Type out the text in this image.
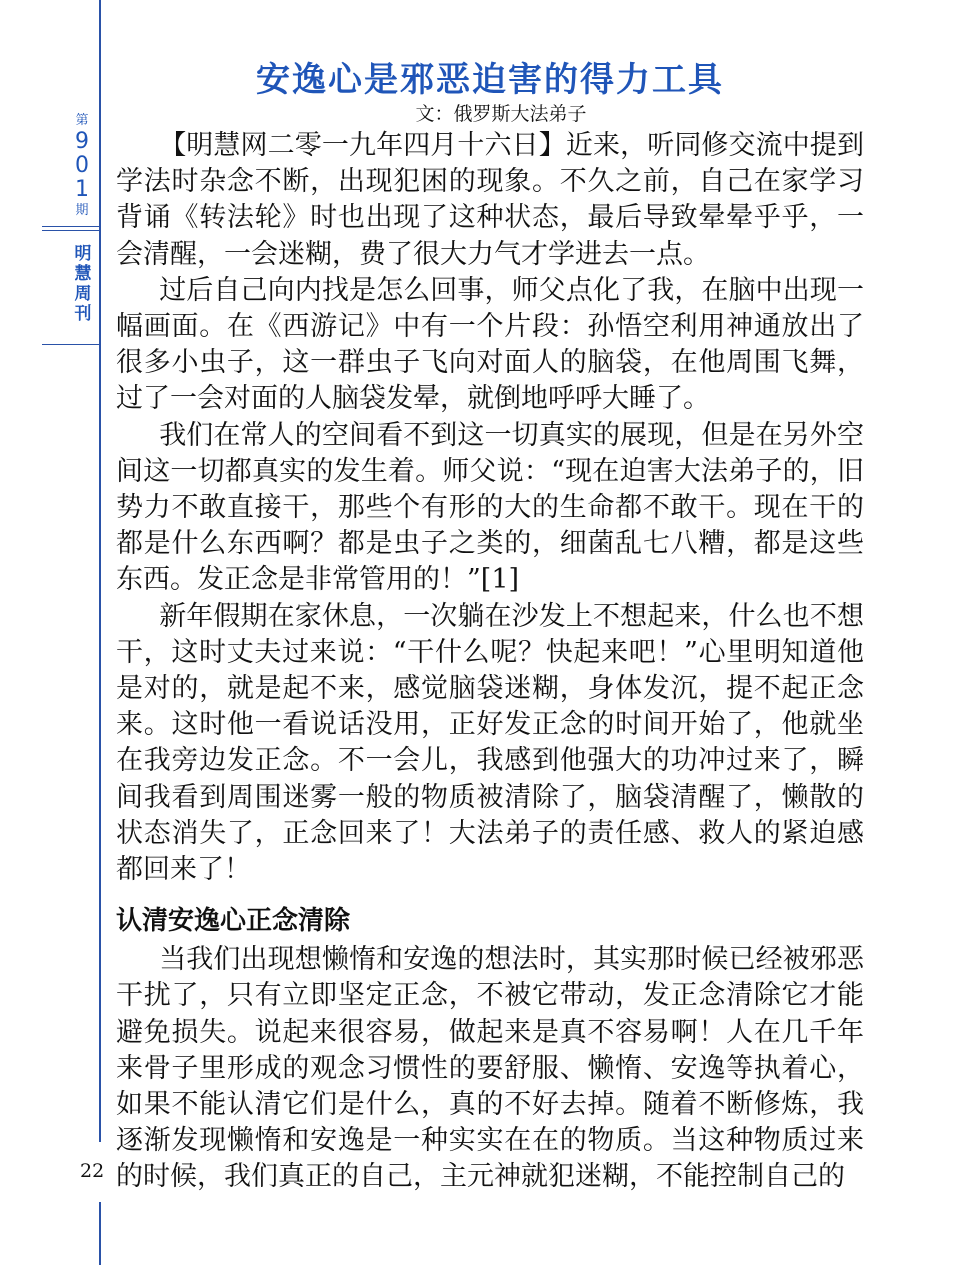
第
9
0
1
期
明
慧
周
刊
22
安逸心是邪恶迫害的得力工具
文：俄罗斯大法弟子

【明慧网二零一九年四月十六日】近来，听同修交流中提到学法时杂念不断，出现犯困的现象。不久之前，自己在家学习背诵《转法轮》时也出现了这种状态，最后导致晕晕乎乎，一会清醒，一会迷糊，费了很大力气才学进去一点。

过后自己向内找是怎么回事，师父点化了我，在脑中出现一幅画面。在《西游记》中有一个片段：孙悟空利用神通放出了很多小虫子，这一群虫子飞向对面人的脑袋，在他周围飞舞，过了一会对面的人脑袋发晕，就倒地呼呼大睡了。

我们在常人的空间看不到这一切真实的展现，但是在另外空间这一切都真实的发生着。师父说：“现在迫害大法弟子的，旧势力不敢直接干，那些个有形的大的生命都不敢干。现在干的都是什么东西啊？都是虫子之类的，细菌乱七八糟，都是这些东西。发正念是非常管用的！”[1]

新年假期在家休息，一次躺在沙发上不想起来，什么也不想干，这时丈夫过来说：“干什么呢？快起来吧！”心里明知道他是对的，就是起不来，感觉脑袋迷糊，身体发沉，提不起正念来。这时他一看说话没用，正好发正念的时间开始了，他就坐在我旁边发正念。不一会儿，我感到他强大的功冲过来了，瞬间我看到周围迷雾一般的物质被清除了，脑袋清醒了，懒散的状态消失了，正念回来了！大法弟子的责任感、救人的紧迫感都回来了！

认清安逸心正念清除

当我们出现想懒惰和安逸的想法时，其实那时候已经被邪恶干扰了，只有立即坚定正念，不被它带动，发正念清除它才能避免损失。说起来很容易，做起来是真不容易啊！人在几千年来骨子里形成的观念习惯性的要舒服、懒惰、安逸等执着心，如果不能认清它们是什么，真的不好去掉。随着不断修炼，我逐渐发现懒惰和安逸是一种实实在在的物质。当这种物质过来的时候，我们真正的自己，主元神就犯迷糊，不能控制自己的
